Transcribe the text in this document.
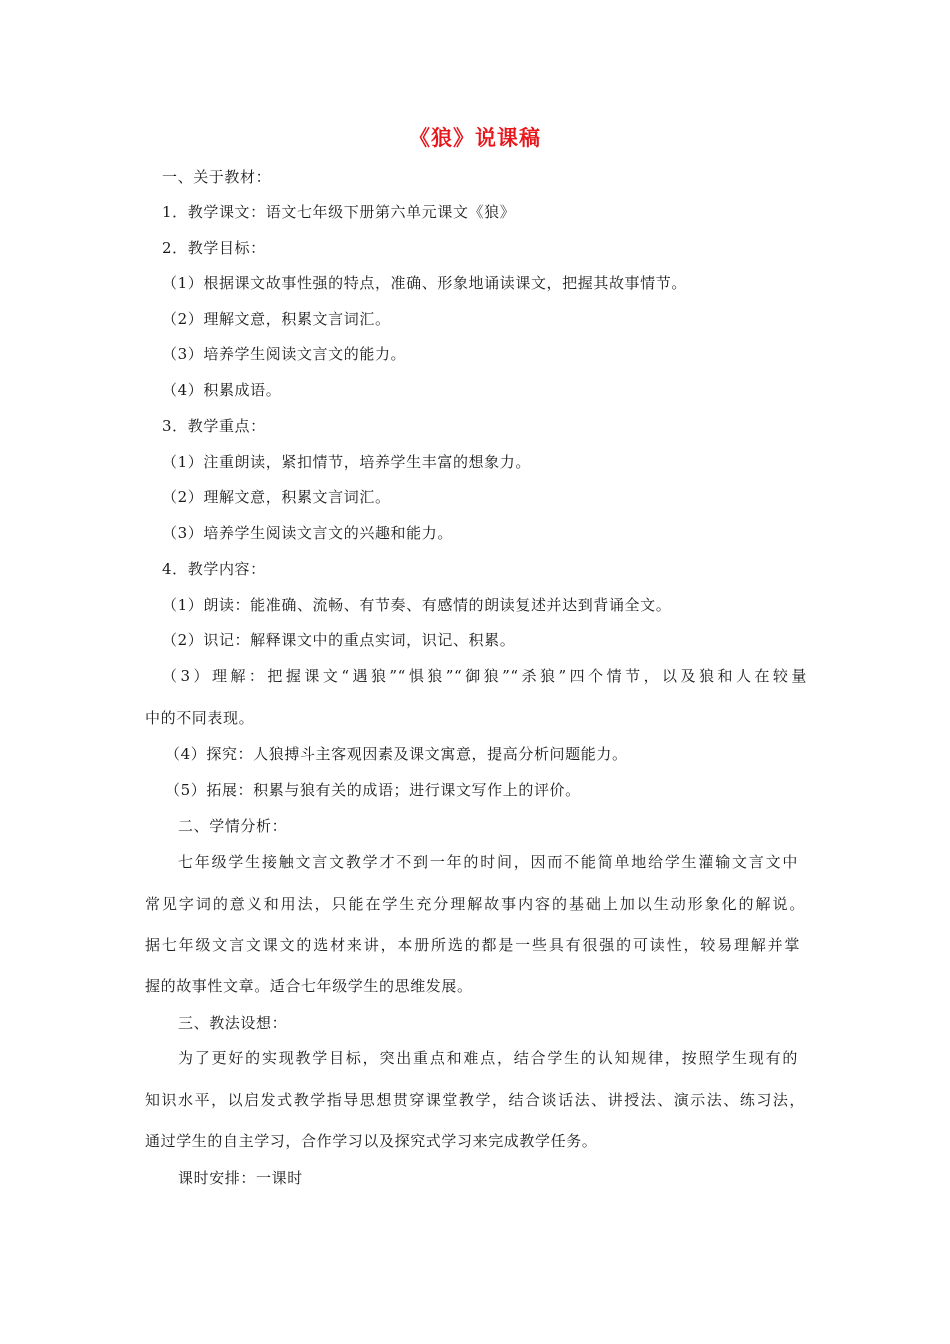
《狼》说课稿
一、关于教材：
1．教学课文：语文七年级下册第六单元课文《狼》
2．教学目标：
（1）根据课文故事性强的特点，准确、形象地诵读课文，把握其故事情节。
（2）理解文意，积累文言词汇。
（3）培养学生阅读文言文的能力。
（4）积累成语。
3．教学重点：
（1）注重朗读，紧扣情节，培养学生丰富的想象力。
（2）理解文意，积累文言词汇。
（3）培养学生阅读文言文的兴趣和能力。
4．教学内容：
（1）朗读：能准确、流畅、有节奏、有感情的朗读复述并达到背诵全文。
（2）识记：解释课文中的重点实词，识记、积累。
（3）理解：把握课文“遇狼”“惧狼”“御狼”“杀狼”四个情节，以及狼和人在较量
中的不同表现。
（4）探究：人狼搏斗主客观因素及课文寓意，提高分析问题能力。
（5）拓展：积累与狼有关的成语；进行课文写作上的评价。
二、学情分析：
七年级学生接触文言文教学才不到一年的时间，因而不能简单地给学生灌输文言文中
常见字词的意义和用法，只能在学生充分理解故事内容的基础上加以生动形象化的解说。
据七年级文言文课文的选材来讲，本册所选的都是一些具有很强的可读性，较易理解并掌
握的故事性文章。适合七年级学生的思维发展。
三、教法设想：
为了更好的实现教学目标，突出重点和难点，结合学生的认知规律，按照学生现有的
知识水平，以启发式教学指导思想贯穿课堂教学，结合谈话法、讲授法、演示法、练习法，
通过学生的自主学习，合作学习以及探究式学习来完成教学任务。
课时安排：一课时
